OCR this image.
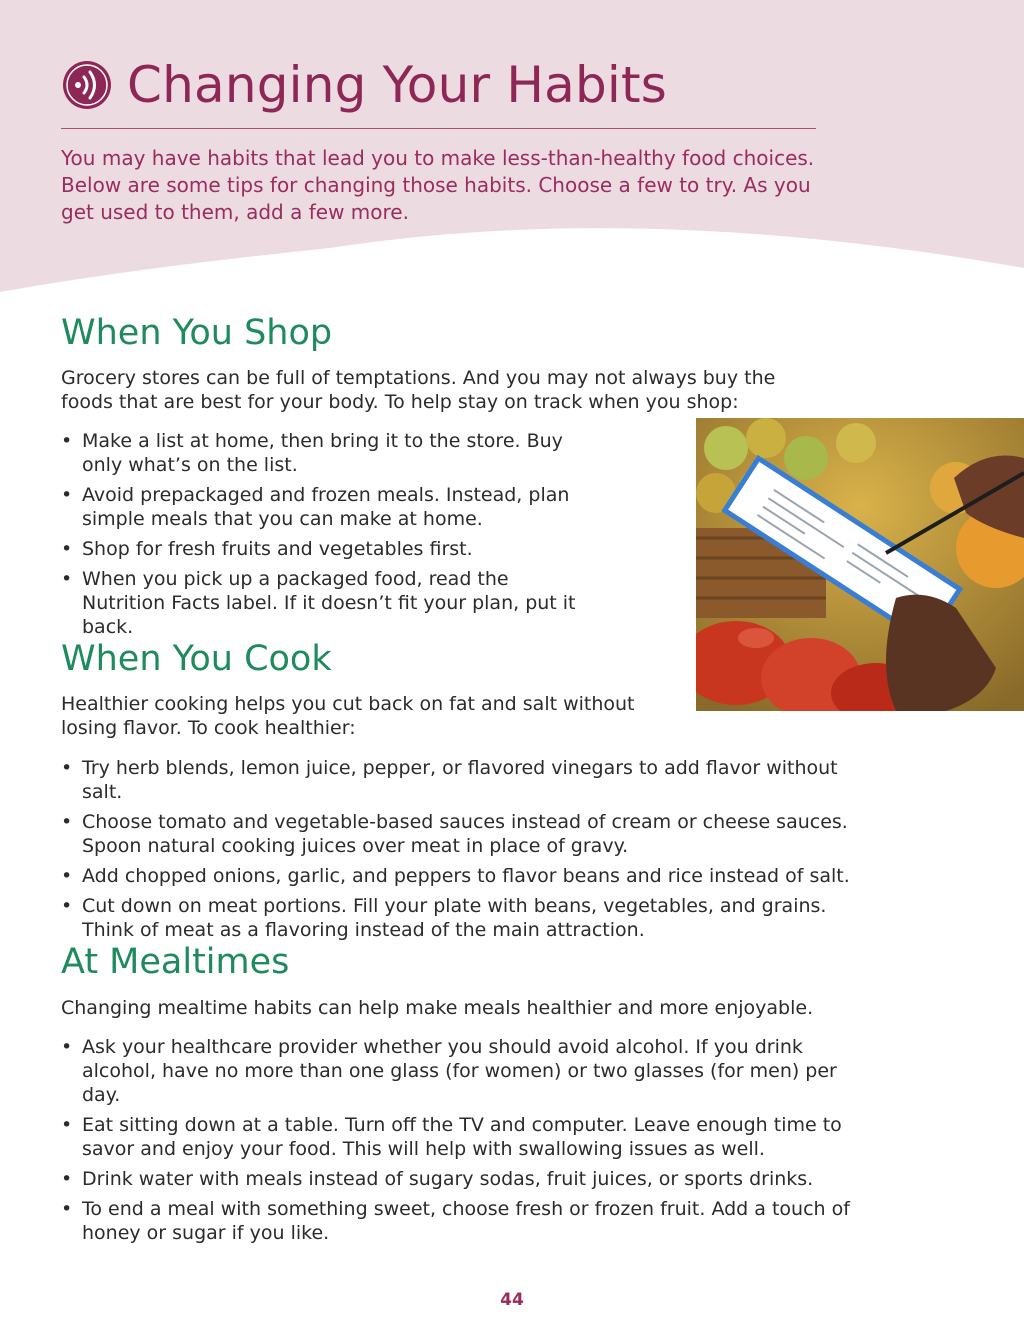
Changing Your Habits
You may have habits that lead you to make less-than-healthy food choices. Below are some tips for changing those habits. Choose a few to try. As you get used to them, add a few more.
When You Shop
Grocery stores can be full of temptations. And you may not always buy the foods that are best for your body. To help stay on track when you shop:
• Make a list at home, then bring it to the store. Buy only what’s on the list.
• Avoid prepackaged and frozen meals. Instead, plan simple meals that you can make at home.
• Shop for fresh fruits and vegetables first.
• When you pick up a packaged food, read the Nutrition Facts label. If it doesn’t fit your plan, put it back.
When You Cook
Healthier cooking helps you cut back on fat and salt without losing flavor. To cook healthier:
• Try herb blends, lemon juice, pepper, or flavored vinegars to add flavor without salt.
• Choose tomato and vegetable-based sauces instead of cream or cheese sauces. Spoon natural cooking juices over meat in place of gravy.
• Add chopped onions, garlic, and peppers to flavor beans and rice instead of salt.
• Cut down on meat portions. Fill your plate with beans, vegetables, and grains. Think of meat as a flavoring instead of the main attraction.
At Mealtimes
Changing mealtime habits can help make meals healthier and more enjoyable.
• Ask your healthcare provider whether you should avoid alcohol. If you drink alcohol, have no more than one glass (for women) or two glasses (for men) per day.
• Eat sitting down at a table. Turn off the TV and computer. Leave enough time to savor and enjoy your food. This will help with swallowing issues as well.
• Drink water with meals instead of sugary sodas, fruit juices, or sports drinks.
• To end a meal with something sweet, choose fresh or frozen fruit. Add a touch of honey or sugar if you like.
44
